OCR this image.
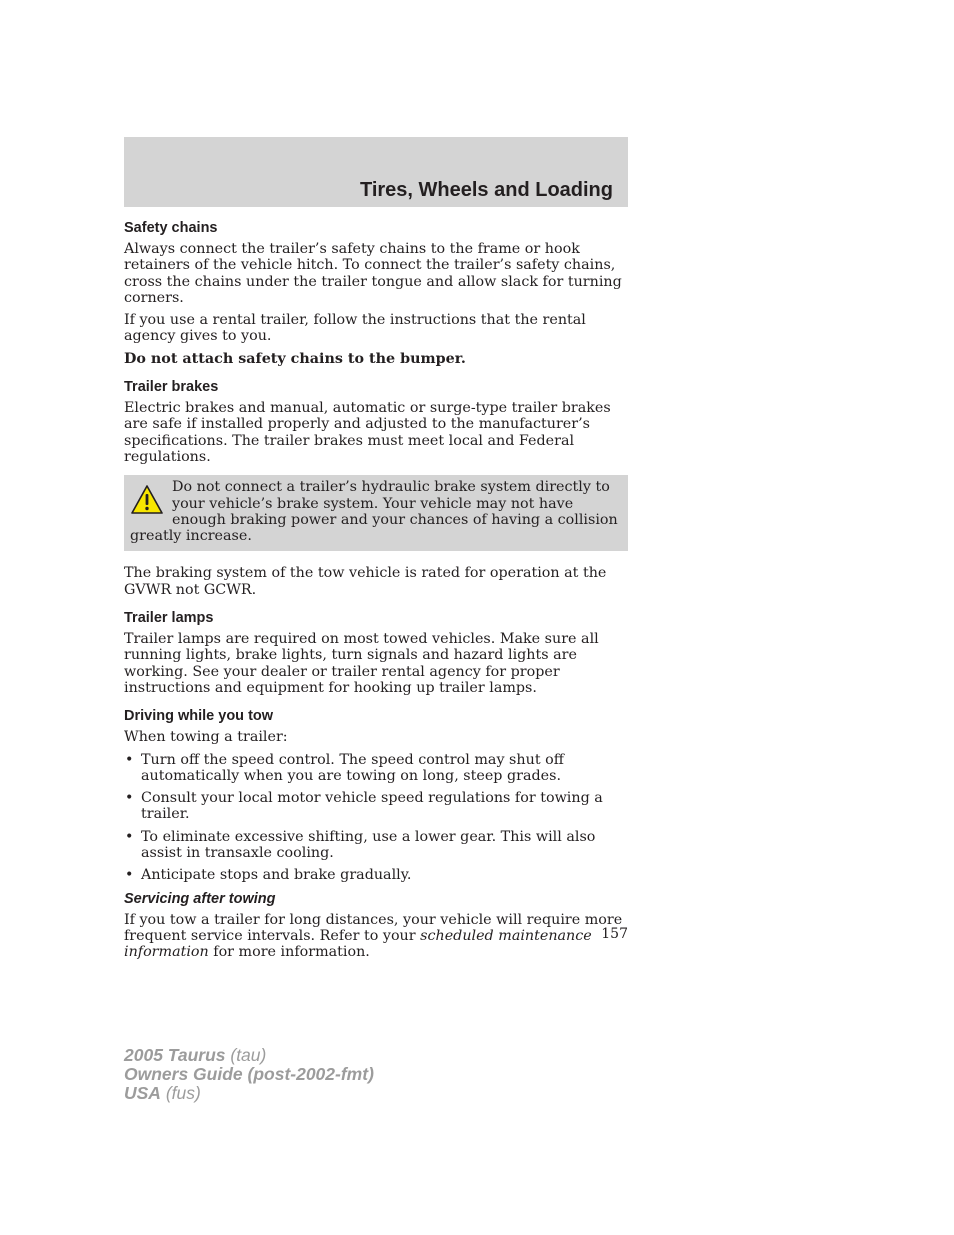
Tires, Wheels and Loading
Safety chains

Always connect the trailer’s safety chains to the frame or hook retainers of the vehicle hitch. To connect the trailer’s safety chains, cross the chains under the trailer tongue and allow slack for turning corners.

If you use a rental trailer, follow the instructions that the rental agency gives to you.

Do not attach safety chains to the bumper.

Trailer brakes

Electric brakes and manual, automatic or surge-type trailer brakes are safe if installed properly and adjusted to the manufacturer’s specifications. The trailer brakes must meet local and Federal regulations.

Do not connect a trailer’s hydraulic brake system directly to your vehicle’s brake system. Your vehicle may not have enough braking power and your chances of having a collision greatly increase.

The braking system of the tow vehicle is rated for operation at the GVWR not GCWR.

Trailer lamps

Trailer lamps are required on most towed vehicles. Make sure all running lights, brake lights, turn signals and hazard lights are working. See your dealer or trailer rental agency for proper instructions and equipment for hooking up trailer lamps.

Driving while you tow

When towing a trailer:

• Turn off the speed control. The speed control may shut off automatically when you are towing on long, steep grades.
• Consult your local motor vehicle speed regulations for towing a trailer.
• To eliminate excessive shifting, use a lower gear. This will also assist in transaxle cooling.
• Anticipate stops and brake gradually.
Servicing after towing

If you tow a trailer for long distances, your vehicle will require more frequent service intervals. Refer to your scheduled maintenance information for more information.

157
2005 Taurus (tau)
Owners Guide (post-2002-fmt)
USA (fus)
